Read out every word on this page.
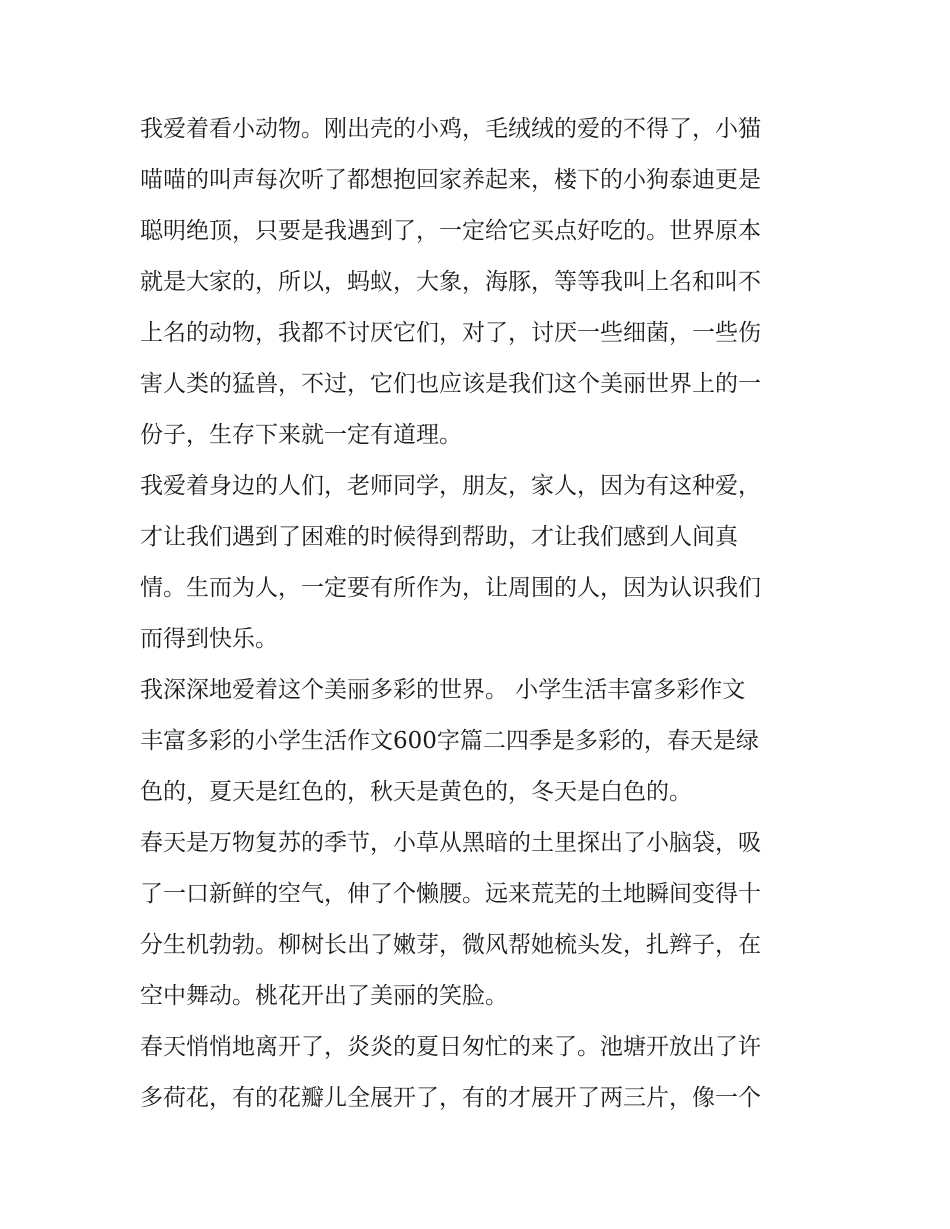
我爱着看小动物。刚出壳的小鸡，毛绒绒的爱的不得了，小猫
喵喵的叫声每次听了都想抱回家养起来，楼下的小狗泰迪更是
聪明绝顶，只要是我遇到了，一定给它买点好吃的。世界原本
就是大家的，所以，蚂蚁，大象，海豚，等等我叫上名和叫不
上名的动物，我都不讨厌它们，对了，讨厌一些细菌，一些伤
害人类的猛兽，不过，它们也应该是我们这个美丽世界上的一
份子，生存下来就一定有道理。
我爱着身边的人们，老师同学，朋友，家人，因为有这种爱，
才让我们遇到了困难的时候得到帮助，才让我们感到人间真
情。生而为人，一定要有所作为，让周围的人，因为认识我们
而得到快乐。
我深深地爱着这个美丽多彩的世界。 小学生活丰富多彩作文
丰富多彩的小学生活作文600字篇二四季是多彩的，春天是绿
色的，夏天是红色的，秋天是黄色的，冬天是白色的。
春天是万物复苏的季节，小草从黑暗的土里探出了小脑袋，吸
了一口新鲜的空气，伸了个懒腰。远来荒芜的土地瞬间变得十
分生机勃勃。柳树长出了嫩芽，微风帮她梳头发，扎辫子，在
空中舞动。桃花开出了美丽的笑脸。
春天悄悄地离开了，炎炎的夏日匆忙的来了。池塘开放出了许
多荷花，有的花瓣儿全展开了，有的才展开了两三片，像一个
